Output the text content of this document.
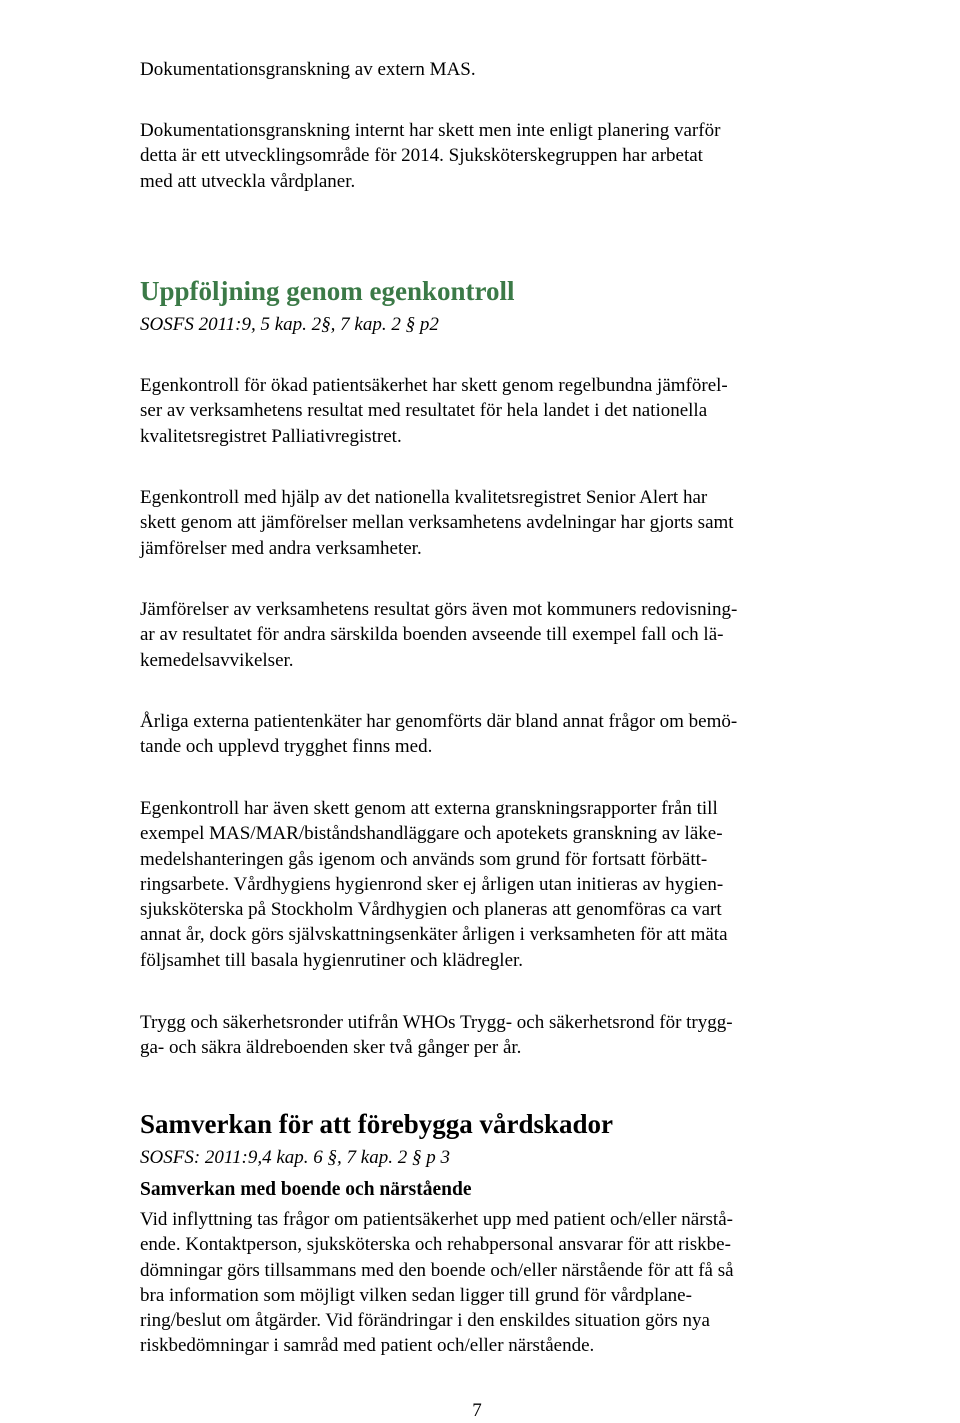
Dokumentationsgranskning av extern MAS.
Dokumentationsgranskning internt har skett men inte enligt planering varför
detta är ett utvecklingsområde för 2014. Sjuksköterskegruppen har arbetat
med att utveckla vårdplaner.
Uppföljning genom egenkontroll
SOSFS 2011:9, 5 kap. 2§, 7 kap. 2 § p2
Egenkontroll för ökad patientsäkerhet har skett genom regelbundna jämförel-
ser av verksamhetens resultat med resultatet för hela landet i det nationella
kvalitetsregistret Palliativregistret.
Egenkontroll med hjälp av det nationella kvalitetsregistret Senior Alert har
skett genom att jämförelser mellan verksamhetens avdelningar har gjorts samt
jämförelser med andra verksamheter.
Jämförelser av verksamhetens resultat görs även mot kommuners redovisning-
ar av resultatet för andra särskilda boenden avseende till exempel fall och lä-
kemedelsavvikelser.
Årliga externa patientenkäter har genomförts där bland annat frågor om bemö-
tande och upplevd trygghet finns med.
Egenkontroll har även skett genom att externa granskningsrapporter från till
exempel MAS/MAR/biståndshandläggare och apotekets granskning av läke-
medelshanteringen gås igenom och används som grund för fortsatt förbätt-
ringsarbete. Vårdhygiens hygienrond sker ej årligen utan initieras av hygien-
sjuksköterska på Stockholm Vårdhygien och planeras att genomföras ca vart
annat år, dock görs självskattningsenkäter årligen i verksamheten för att mäta
följsamhet till basala hygienrutiner och klädregler.
Trygg och säkerhetsronder utifrån WHOs Trygg- och säkerhetsrond för trygg-
ga- och säkra äldreboenden sker två gånger per år.
Samverkan för att förebygga vårdskador
SOSFS: 2011:9,4 kap. 6 §, 7 kap. 2 § p 3
Samverkan med boende och närstående
Vid inflyttning tas frågor om patientsäkerhet upp med patient och/eller närstå-
ende. Kontaktperson, sjuksköterska och rehabpersonal ansvarar för att riskbe-
dömningar görs tillsammans med den boende och/eller närstående för att få så
bra information som möjligt vilken sedan ligger till grund för vårdplane-
ring/beslut om åtgärder. Vid förändringar i den enskildes situation görs nya
riskbedömningar i samråd med patient och/eller närstående.
7
